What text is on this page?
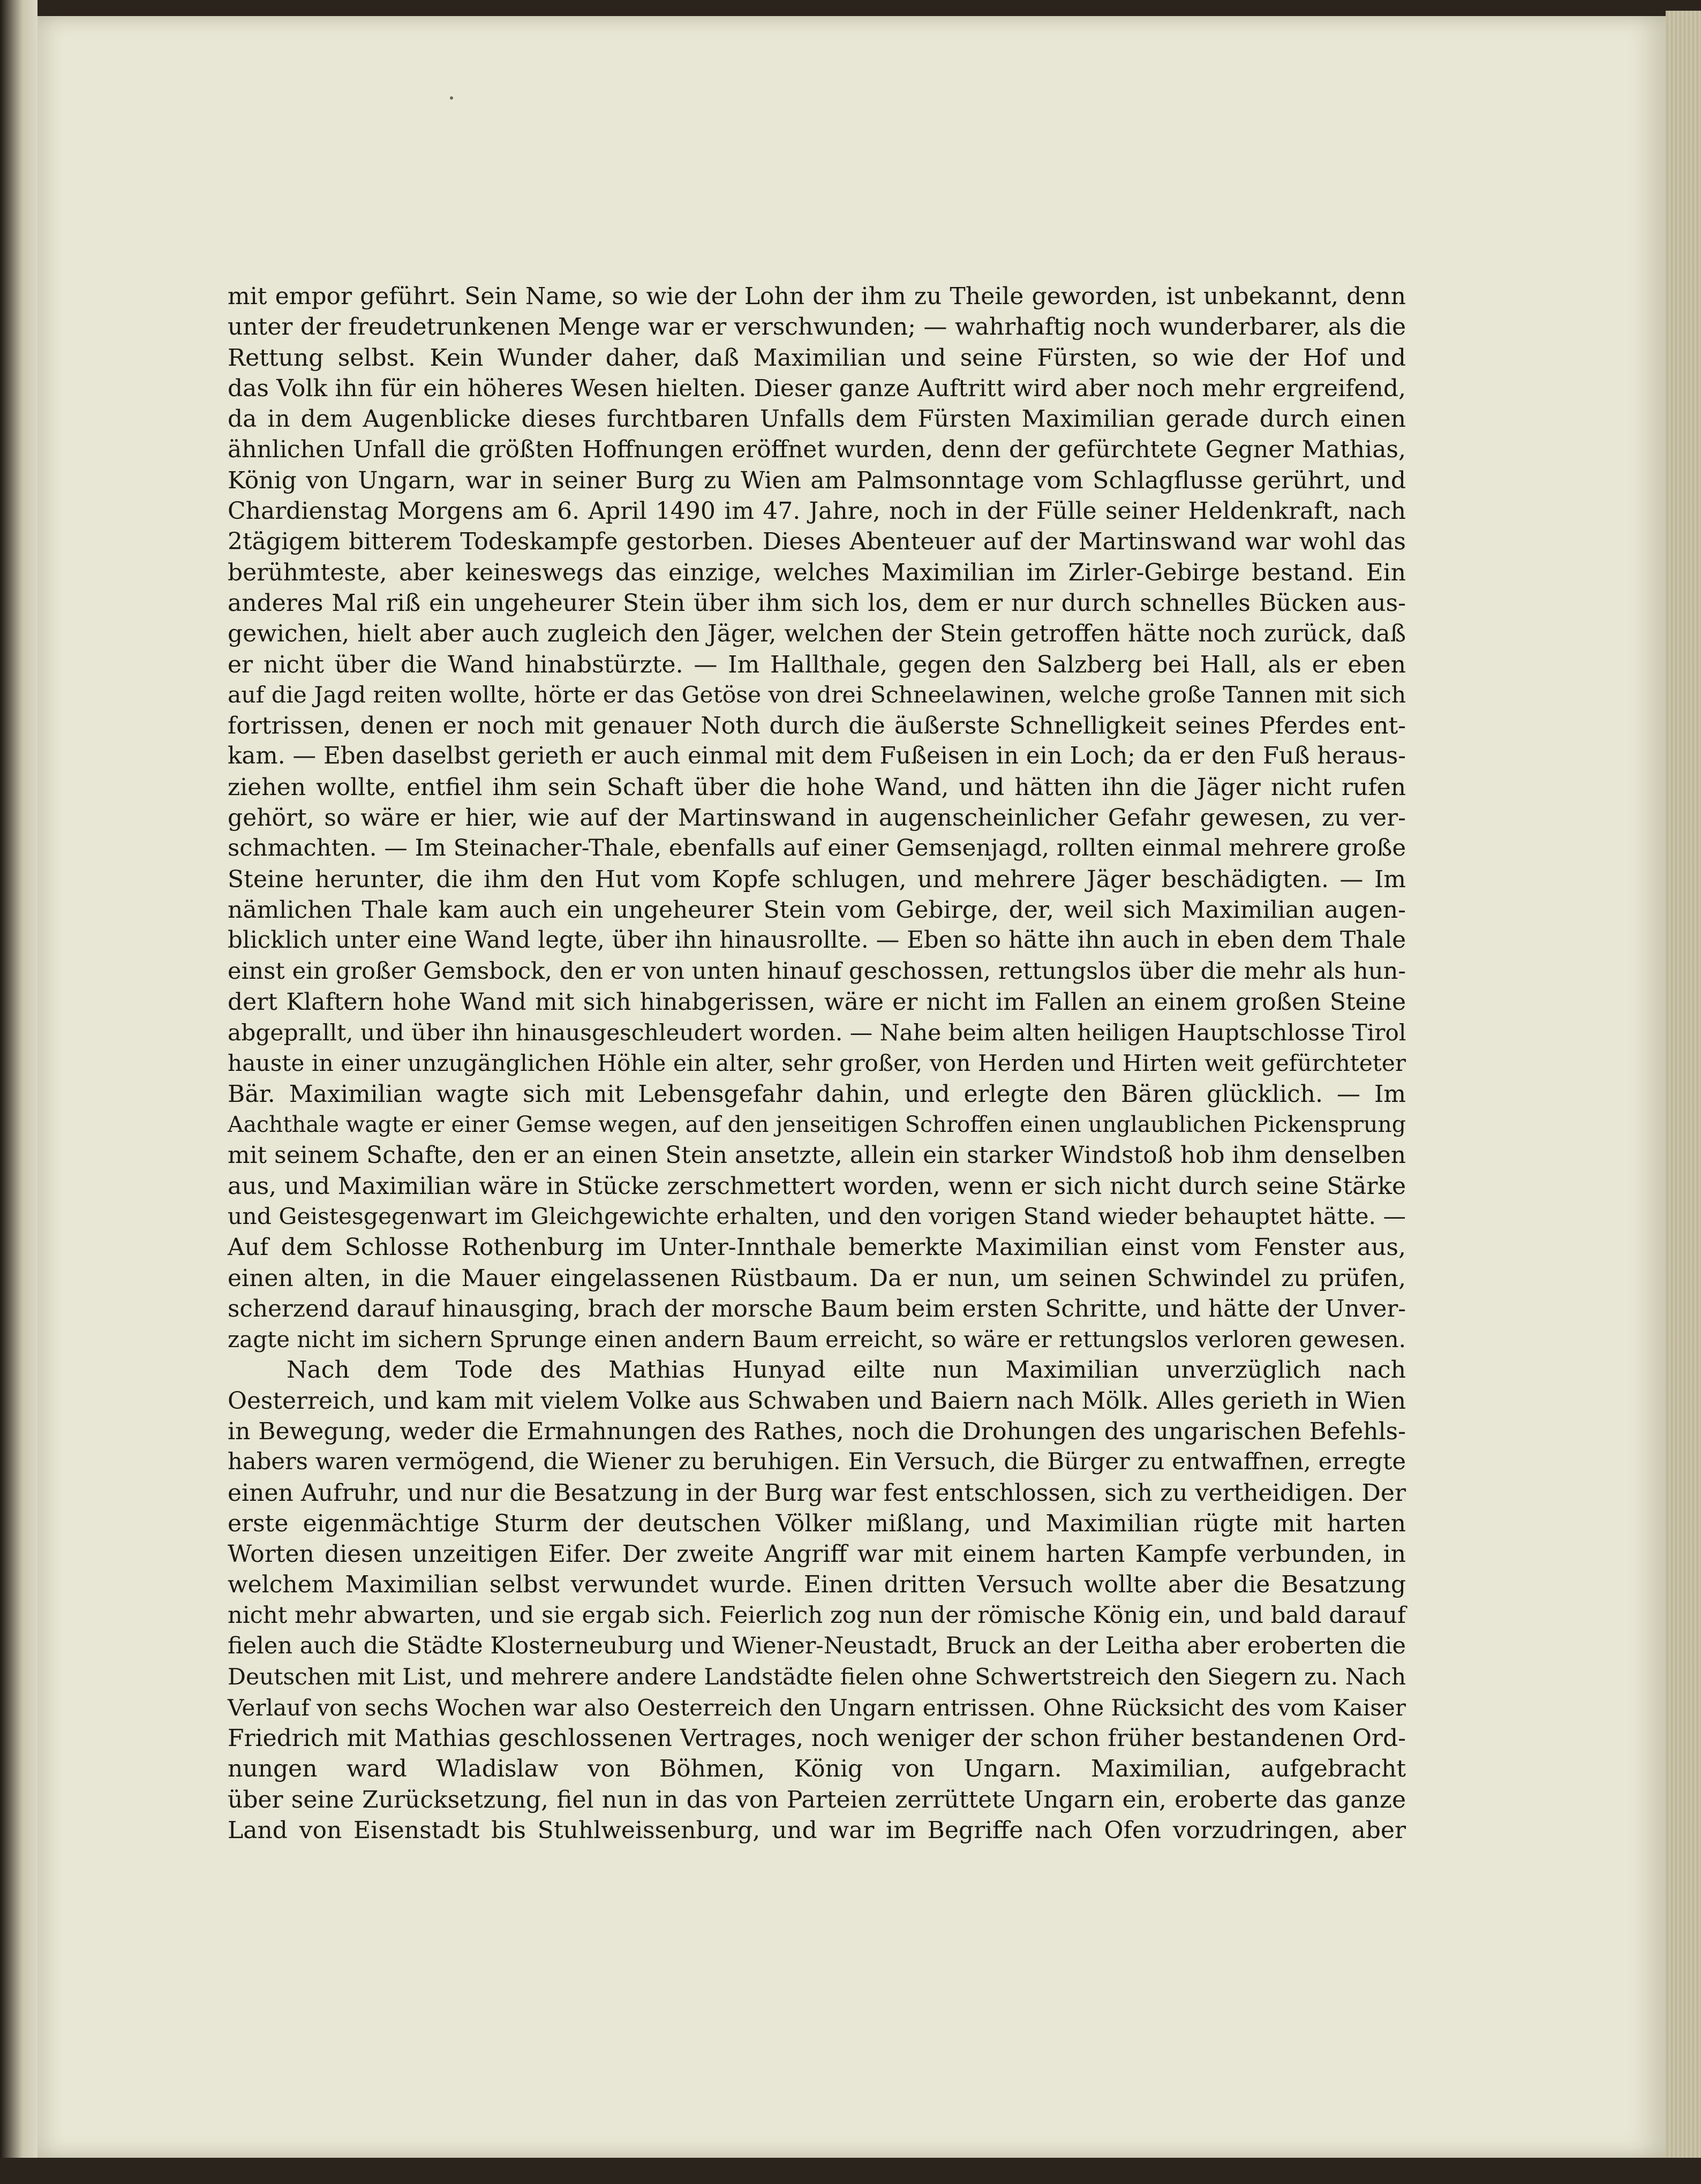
mit empor geführt. Sein Name, so wie der Lohn der ihm zu Theile geworden, ist unbekannt, denn
unter der freudetrunkenen Menge war er verschwunden; — wahrhaftig noch wunderbarer, als die
Rettung selbst. Kein Wunder daher, daß Maximilian und seine Fürsten, so wie der Hof und
das Volk ihn für ein höheres Wesen hielten. Dieser ganze Auftritt wird aber noch mehr ergreifend,
da in dem Augenblicke dieses furchtbaren Unfalls dem Fürsten Maximilian gerade durch einen
ähnlichen Unfall die größten Hoffnungen eröffnet wurden, denn der gefürchtete Gegner Mathias,
König von Ungarn, war in seiner Burg zu Wien am Palmsonntage vom Schlagflusse gerührt, und
Chardienstag Morgens am 6. April 1490 im 47. Jahre, noch in der Fülle seiner Heldenkraft, nach
2tägigem bitterem Todeskampfe gestorben. Dieses Abenteuer auf der Martinswand war wohl das
berühmteste, aber keineswegs das einzige, welches Maximilian im Zirler-Gebirge bestand. Ein
anderes Mal riß ein ungeheurer Stein über ihm sich los, dem er nur durch schnelles Bücken aus-
gewichen, hielt aber auch zugleich den Jäger, welchen der Stein getroffen hätte noch zurück, daß
er nicht über die Wand hinabstürzte. — Im Hallthale, gegen den Salzberg bei Hall, als er eben
auf die Jagd reiten wollte, hörte er das Getöse von drei Schneelawinen, welche große Tannen mit sich
fortrissen, denen er noch mit genauer Noth durch die äußerste Schnelligkeit seines Pferdes ent-
kam. — Eben daselbst gerieth er auch einmal mit dem Fußeisen in ein Loch; da er den Fuß heraus-
ziehen wollte, entfiel ihm sein Schaft über die hohe Wand, und hätten ihn die Jäger nicht rufen
gehört, so wäre er hier, wie auf der Martinswand in augenscheinlicher Gefahr gewesen, zu ver-
schmachten. — Im Steinacher-Thale, ebenfalls auf einer Gemsenjagd, rollten einmal mehrere große
Steine herunter, die ihm den Hut vom Kopfe schlugen, und mehrere Jäger beschädigten. — Im
nämlichen Thale kam auch ein ungeheurer Stein vom Gebirge, der, weil sich Maximilian augen-
blicklich unter eine Wand legte, über ihn hinausrollte. — Eben so hätte ihn auch in eben dem Thale
einst ein großer Gemsbock, den er von unten hinauf geschossen, rettungslos über die mehr als hun-
dert Klaftern hohe Wand mit sich hinabgerissen, wäre er nicht im Fallen an einem großen Steine
abgeprallt, und über ihn hinausgeschleudert worden. — Nahe beim alten heiligen Hauptschlosse Tirol
hauste in einer unzugänglichen Höhle ein alter, sehr großer, von Herden und Hirten weit gefürchteter
Bär. Maximilian wagte sich mit Lebensgefahr dahin, und erlegte den Bären glücklich. — Im
Aachthale wagte er einer Gemse wegen, auf den jenseitigen Schroffen einen unglaublichen Pickensprung
mit seinem Schafte, den er an einen Stein ansetzte, allein ein starker Windstoß hob ihm denselben
aus, und Maximilian wäre in Stücke zerschmettert worden, wenn er sich nicht durch seine Stärke
und Geistesgegenwart im Gleichgewichte erhalten, und den vorigen Stand wieder behauptet hätte. —
Auf dem Schlosse Rothenburg im Unter-Innthale bemerkte Maximilian einst vom Fenster aus,
einen alten, in die Mauer eingelassenen Rüstbaum. Da er nun, um seinen Schwindel zu prüfen,
scherzend darauf hinausging, brach der morsche Baum beim ersten Schritte, und hätte der Unver-
zagte nicht im sichern Sprunge einen andern Baum erreicht, so wäre er rettungslos verloren gewesen.
Nach dem Tode des Mathias Hunyad eilte nun Maximilian unverzüglich nach
Oesterreich, und kam mit vielem Volke aus Schwaben und Baiern nach Mölk. Alles gerieth in Wien
in Bewegung, weder die Ermahnungen des Rathes, noch die Drohungen des ungarischen Befehls-
habers waren vermögend, die Wiener zu beruhigen. Ein Versuch, die Bürger zu entwaffnen, erregte
einen Aufruhr, und nur die Besatzung in der Burg war fest entschlossen, sich zu vertheidigen. Der
erste eigenmächtige Sturm der deutschen Völker mißlang, und Maximilian rügte mit harten
Worten diesen unzeitigen Eifer. Der zweite Angriff war mit einem harten Kampfe verbunden, in
welchem Maximilian selbst verwundet wurde. Einen dritten Versuch wollte aber die Besatzung
nicht mehr abwarten, und sie ergab sich. Feierlich zog nun der römische König ein, und bald darauf
fielen auch die Städte Klosterneuburg und Wiener-Neustadt, Bruck an der Leitha aber eroberten die
Deutschen mit List, und mehrere andere Landstädte fielen ohne Schwertstreich den Siegern zu. Nach
Verlauf von sechs Wochen war also Oesterreich den Ungarn entrissen. Ohne Rücksicht des vom Kaiser
Friedrich mit Mathias geschlossenen Vertrages, noch weniger der schon früher bestandenen Ord-
nungen ward Wladislaw von Böhmen, König von Ungarn. Maximilian, aufgebracht
über seine Zurücksetzung, fiel nun in das von Parteien zerrüttete Ungarn ein, eroberte das ganze
Land von Eisenstadt bis Stuhlweissenburg, und war im Begriffe nach Ofen vorzudringen, aber
